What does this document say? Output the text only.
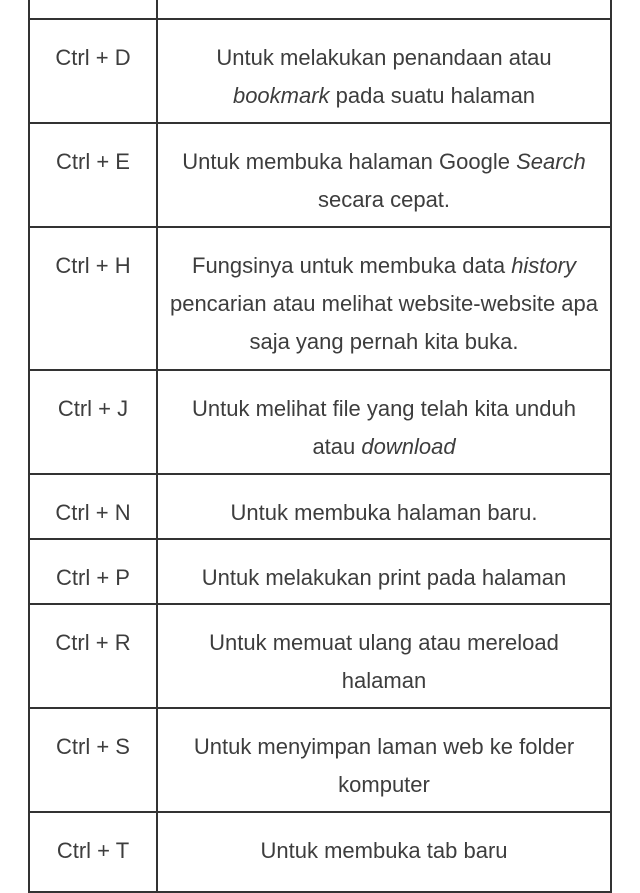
Ctrl + D	Untuk melakukan penandaan atau bookmark pada suatu halaman
Ctrl + E	Untuk membuka halaman Google Search secara cepat.
Ctrl + H	Fungsinya untuk membuka data history pencarian atau melihat website-website apa saja yang pernah kita buka.
Ctrl + J	Untuk melihat file yang telah kita unduh atau download
Ctrl + N	Untuk membuka halaman baru.
Ctrl + P	Untuk melakukan print pada halaman
Ctrl + R	Untuk memuat ulang atau mereload halaman
Ctrl + S	Untuk menyimpan laman web ke folder komputer
Ctrl + T	Untuk membuka tab baru
